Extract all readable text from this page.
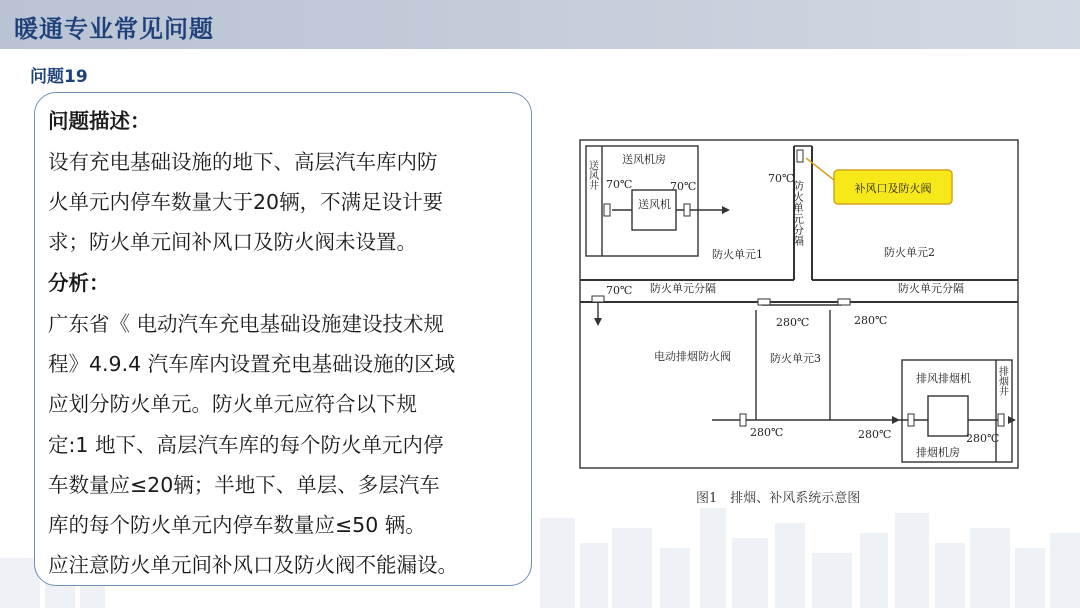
暖通专业常见问题
问题19
问题描述：
设有充电基础设施的地下、高层汽车库内防
火单元内停车数量大于20辆，不满足设计要
求；防火单元间补风口及防火阀未设置。
分析：
广东省《 电动汽车充电基础设施建设技术规
程》4.9.4 汽车库内设置充电基础设施的区域
应划分防火单元。防火单元应符合以下规
定:1 地下、高层汽车库的每个防火单元内停
车数量应≤20辆；半地下、单层、多层汽车
库的每个防火单元内停车数量应≤50 辆。
应注意防火单元间补风口及防火阀不能漏设。
送风井
送风机房
70℃	70℃
送风机
70℃
防火单元分隔
防火单元1	防火单元2
70℃ 防火单元分隔	防火单元分隔
280℃	280℃
电动排烟防火阀	防火单元3
排风排烟机	排烟井
280℃	280℃	280℃
排烟机房
补风口及防火阀
图1　排烟、补风系统示意图
